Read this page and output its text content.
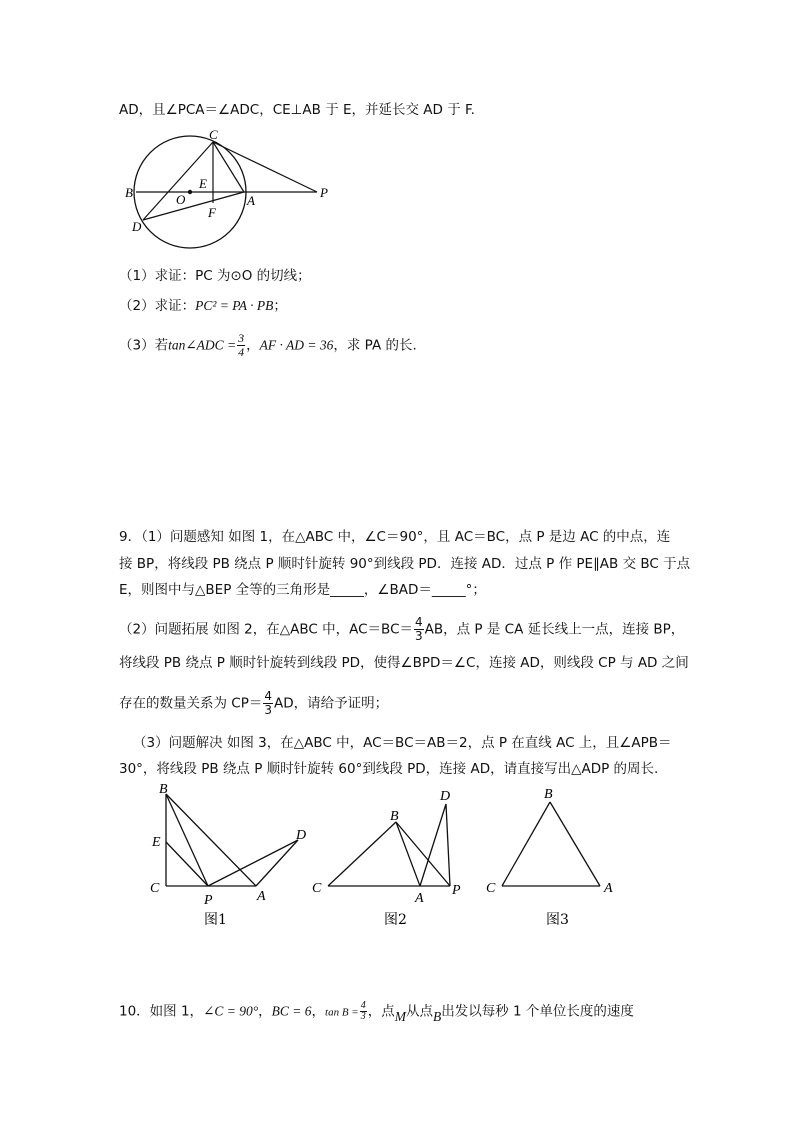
AD，且∠PCA＝∠ADC，CE⊥AB 于 E，并延长交 AD 于 F.
C
B
E
O	A
P
F
D
（1）求证：PC 为⊙O 的切线；
（2）求证：PC² = PA · PB；
（3）若tan∠ADC = $\frac{3}{4}$ ，AF · AD = 36，求 PA 的长.
9．（1）问题感知 如图 1，在△ABC 中，∠C＝90°，且 AC＝BC，点 P 是边 AC 的中点，连
接 BP，将线段 PB 绕点 P 顺时针旋转 90°到线段 PD．连接 AD．过点 P 作 PE∥AB 交 BC 于点
E，则图中与△BEP 全等的三角形是_____，∠BAD＝_____°；
（2）问题拓展 如图 2，在△ABC 中，$AC=BC= \frac{4}{3}$ AB，点 P 是 CA 延长线上一点，连接 BP，
将线段 PB 绕点 P 顺时针旋转到线段 PD，使得∠BPD＝∠C，连接 AD，则线段 CP 与 AD 之间
存在的数量关系为 $CP= \frac{4}{3}$ AD，请给予证明；
（3）问题解决 如图 3，在△ABC 中，AC＝BC＝AB＝2，点 P 在直线 AC 上，且∠APB＝
30°，将线段 PB 绕点 P 顺时针旋转 60°到线段 PD，连接 AD，请直接写出△ADP 的周长.
B
E	D
C
P	A
图1
B
D
C
A
P
图2
B
C	A
图3
10．如图 1，∠C = 90°，BC = 6，$\tan B = \frac{4}{3}$ ，点M从点B出发以每秒 1 个单位长度的速度
